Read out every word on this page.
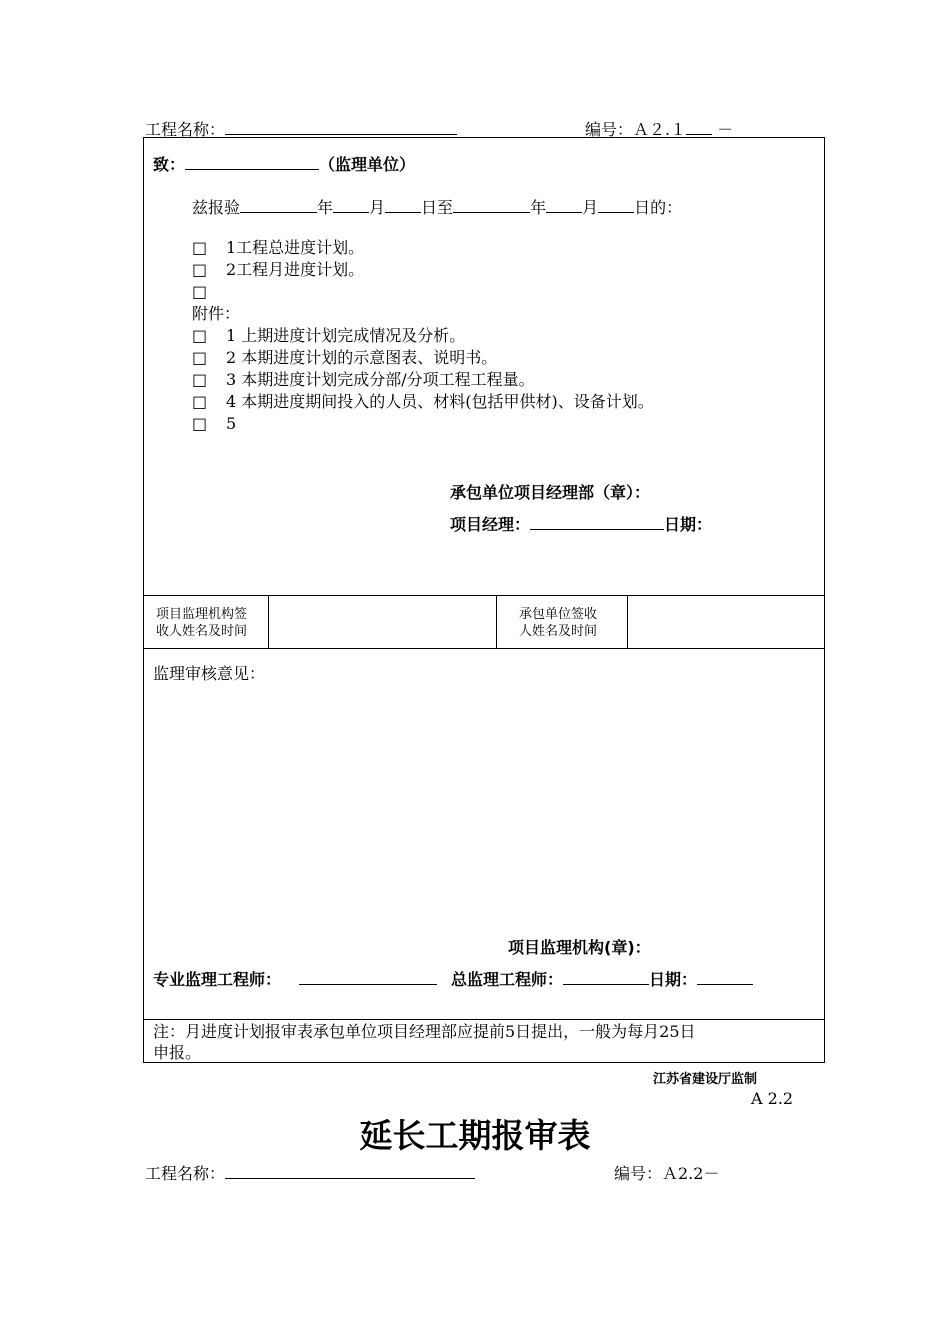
工程名称：	编号：Ａ２.１ －
致：	（监理单位）
兹报验	年 月 日至	年 月 日的：
□ 1工程总进度计划。
□ 2工程月进度计划。
□
附件：
□ 1 上期进度计划完成情况及分析。
□ 2 本期进度计划的示意图表、说明书。
□ 3 本期进度计划完成分部/分项工程工程量。
□ 4 本期进度期间投入的人员、材料(包括甲供材)、设备计划。
□ 5
承包单位项目经理部（章）：
项目经理：	日期：
项目监理机构签
收人姓名及时间
承包单位签收
人姓名及时间
监理审核意见：
项目监理机构(章)：
专业监理工程师：	总监理工程师：	日期：
注：月进度计划报审表承包单位项目经理部应提前5日提出，一般为每月25日
申报。
江苏省建设厅监制
A 2.2
延长工期报审表
工程名称：	编号：Ａ2.2－
